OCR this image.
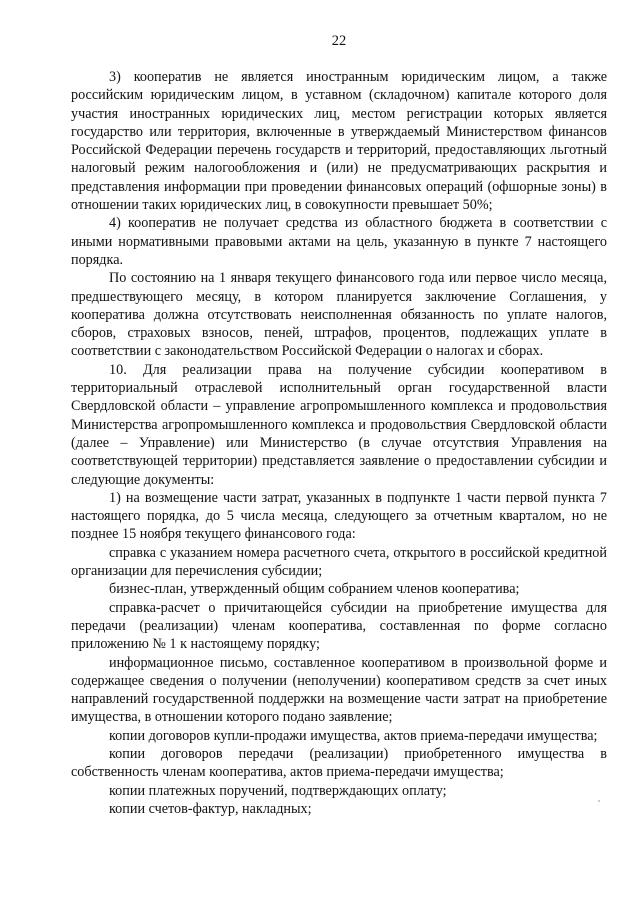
22

3) кооператив не является иностранным юридическим лицом, а также российским юридическим лицом, в уставном (складочном) капитале которого доля участия иностранных юридических лиц, местом регистрации которых является государство или территория, включенные в утверждаемый Министерством финансов Российской Федерации перечень государств и территорий, предоставляющих льготный налоговый режим налогообложения и (или) не предусматривающих раскрытия и представления информации при проведении финансовых операций (офшорные зоны) в отношении таких юридических лиц, в совокупности превышает 50%;

4) кооператив не получает средства из областного бюджета в соответствии с иными нормативными правовыми актами на цель, указанную в пункте 7 настоящего порядка.

По состоянию на 1 января текущего финансового года или первое число месяца, предшествующего месяцу, в котором планируется заключение Соглашения, у кооператива должна отсутствовать неисполненная обязанность по уплате налогов, сборов, страховых взносов, пеней, штрафов, процентов, подлежащих уплате в соответствии с законодательством Российской Федерации о налогах и сборах.

10. Для реализации права на получение субсидии кооперативом в территориальный отраслевой исполнительный орган государственной власти Свердловской области – управление агропромышленного комплекса и продовольствия Министерства агропромышленного комплекса и продовольствия Свердловской области (далее – Управление) или Министерство (в случае отсутствия Управления на соответствующей территории) представляется заявление о предоставлении субсидии и следующие документы:

1) на возмещение части затрат, указанных в подпункте 1 части первой пункта 7 настоящего порядка, до 5 числа месяца, следующего за отчетным кварталом, но не позднее 15 ноября текущего финансового года:

справка с указанием номера расчетного счета, открытого в российской кредитной организации для перечисления субсидии;

бизнес-план, утвержденный общим собранием членов кооператива;

справка-расчет о причитающейся субсидии на приобретение имущества для передачи (реализации) членам кооператива, составленная по форме согласно приложению № 1 к настоящему порядку;

информационное письмо, составленное кооперативом в произвольной форме и содержащее сведения о получении (неполучении) кооперативом средств за счет иных направлений государственной поддержки на возмещение части затрат на приобретение имущества, в отношении которого подано заявление;

копии договоров купли-продажи имущества, актов приема-передачи имущества;

копии договоров передачи (реализации) приобретенного имущества в собственность членам кооператива, актов приема-передачи имущества;

копии платежных поручений, подтверждающих оплату;

копии счетов-фактур, накладных;
